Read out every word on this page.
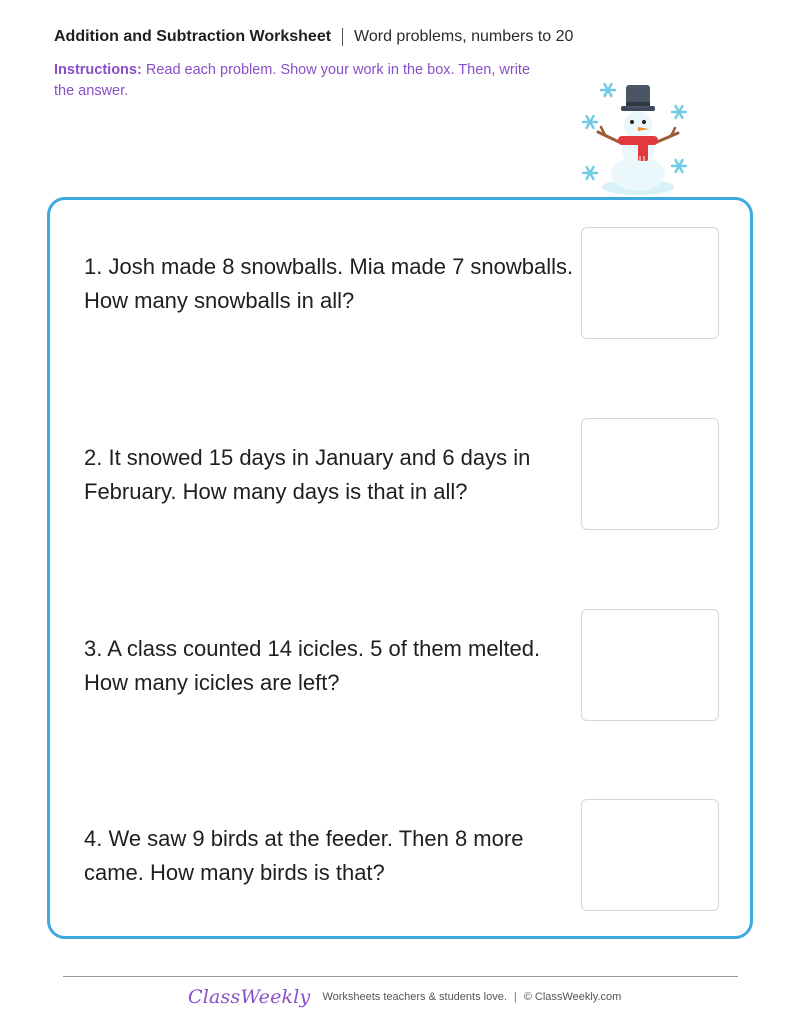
Addition and Subtraction Worksheet Word problems, numbers to 20
Instructions: Read each problem. Show your work in the box. Then, write the answer.
1. Josh made 8 snowballs. Mia made 7 snowballs. How many snowballs in all?
2. It snowed 15 days in January and 6 days in February. How many days is that in all?
3. A class counted 14 icicles. 5 of them melted. How many icicles are left?
4. We saw 9 birds at the feeder. Then 8 more came. How many birds is that?
ClassWeekly Worksheets teachers & students love. | © ClassWeekly.com
